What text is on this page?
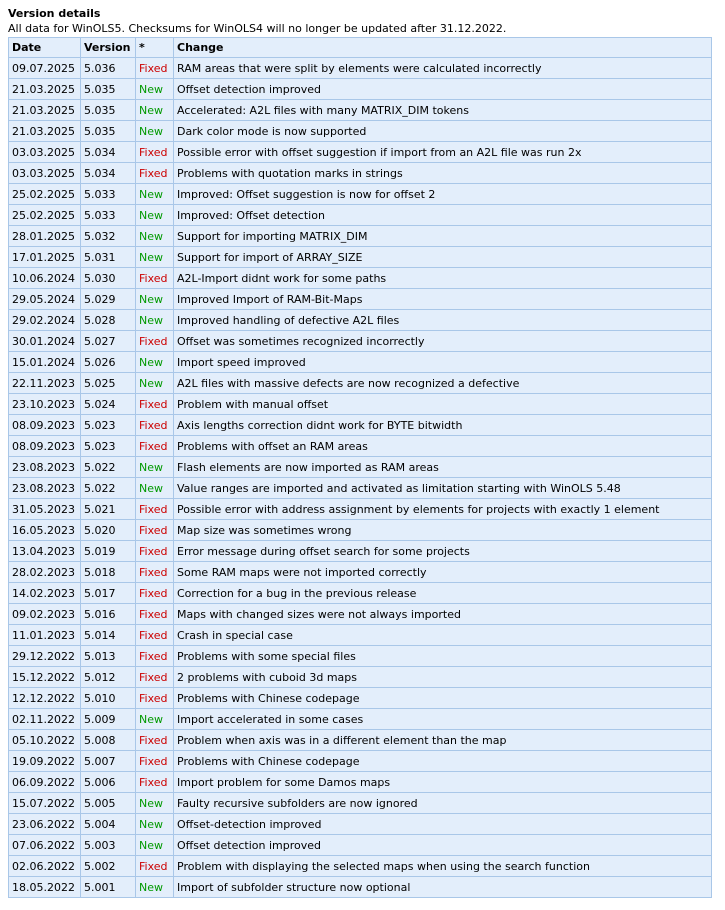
Version details
All data for WinOLS5. Checksums for WinOLS4 will no longer be updated after 31.12.2022.
Date	Version	*	Change
09.07.2025	5.036	Fixed	RAM areas that were split by elements were calculated incorrectly
21.03.2025	5.035	New	Offset detection improved
21.03.2025	5.035	New	Accelerated: A2L files with many MATRIX_DIM tokens
21.03.2025	5.035	New	Dark color mode is now supported
03.03.2025	5.034	Fixed	Possible error with offset suggestion if import from an A2L file was run 2x
03.03.2025	5.034	Fixed	Problems with quotation marks in strings
25.02.2025	5.033	New	Improved: Offset suggestion is now for offset 2
25.02.2025	5.033	New	Improved: Offset detection
28.01.2025	5.032	New	Support for importing MATRIX_DIM
17.01.2025	5.031	New	Support for import of ARRAY_SIZE
10.06.2024	5.030	Fixed	A2L-Import didnt work for some paths
29.05.2024	5.029	New	Improved Import of RAM-Bit-Maps
29.02.2024	5.028	New	Improved handling of defective A2L files
30.01.2024	5.027	Fixed	Offset was sometimes recognized incorrectly
15.01.2024	5.026	New	Import speed improved
22.11.2023	5.025	New	A2L files with massive defects are now recognized a defective
23.10.2023	5.024	Fixed	Problem with manual offset
08.09.2023	5.023	Fixed	Axis lengths correction didnt work for BYTE bitwidth
08.09.2023	5.023	Fixed	Problems with offset an RAM areas
23.08.2023	5.022	New	Flash elements are now imported as RAM areas
23.08.2023	5.022	New	Value ranges are imported and activated as limitation starting with WinOLS 5.48
31.05.2023	5.021	Fixed	Possible error with address assignment by elements for projects with exactly 1 element
16.05.2023	5.020	Fixed	Map size was sometimes wrong
13.04.2023	5.019	Fixed	Error message during offset search for some projects
28.02.2023	5.018	Fixed	Some RAM maps were not imported correctly
14.02.2023	5.017	Fixed	Correction for a bug in the previous release
09.02.2023	5.016	Fixed	Maps with changed sizes were not always imported
11.01.2023	5.014	Fixed	Crash in special case
29.12.2022	5.013	Fixed	Problems with some special files
15.12.2022	5.012	Fixed	2 problems with cuboid 3d maps
12.12.2022	5.010	Fixed	Problems with Chinese codepage
02.11.2022	5.009	New	Import accelerated in some cases
05.10.2022	5.008	Fixed	Problem when axis was in a different element than the map
19.09.2022	5.007	Fixed	Problems with Chinese codepage
06.09.2022	5.006	Fixed	Import problem for some Damos maps
15.07.2022	5.005	New	Faulty recursive subfolders are now ignored
23.06.2022	5.004	New	Offset-detection improved
07.06.2022	5.003	New	Offset detection improved
02.06.2022	5.002	Fixed	Problem with displaying the selected maps when using the search function
18.05.2022	5.001	New	Import of subfolder structure now optional
